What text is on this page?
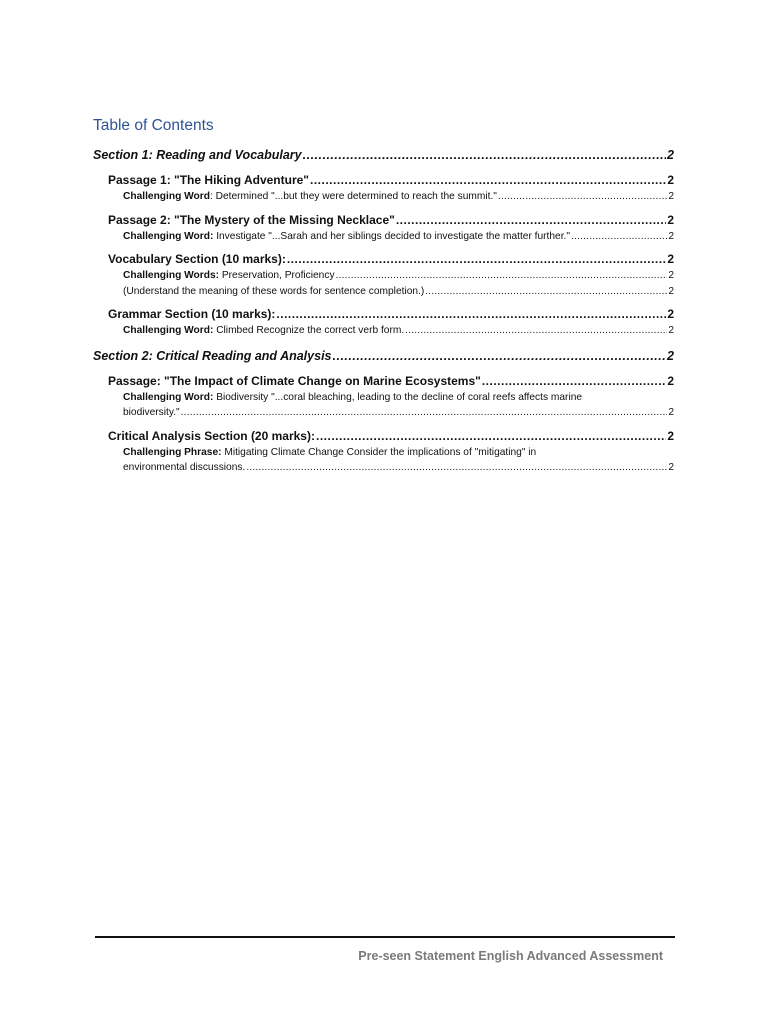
Table of Contents
Section 1: Reading and Vocabulary .....	2
Passage 1: "The Hiking Adventure" .....	2
Challenging Word: Determined "...but they were determined to reach the summit." .....	2
Passage 2: "The Mystery of the Missing Necklace" .....	2
Challenging Word: Investigate "...Sarah and her siblings decided to investigate the matter further." .....	2
Vocabulary Section (10 marks): .....	2
Challenging Words: Preservation, Proficiency .....	2
(Understand the meaning of these words for sentence completion.) .....	2
Grammar Section (10 marks): .....	2
Challenging Word: Climbed Recognize the correct verb form. .....	2
Section 2: Critical Reading and Analysis .....	2
Passage: "The Impact of Climate Change on Marine Ecosystems" .....	2
Challenging Word: Biodiversity "...coral bleaching, leading to the decline of coral reefs affects marine
biodiversity." .....	2
Critical Analysis Section (20 marks): .....	2
Challenging Phrase: Mitigating Climate Change Consider the implications of "mitigating" in
environmental discussions. .....	2
Pre-seen Statement English Advanced Assessment
